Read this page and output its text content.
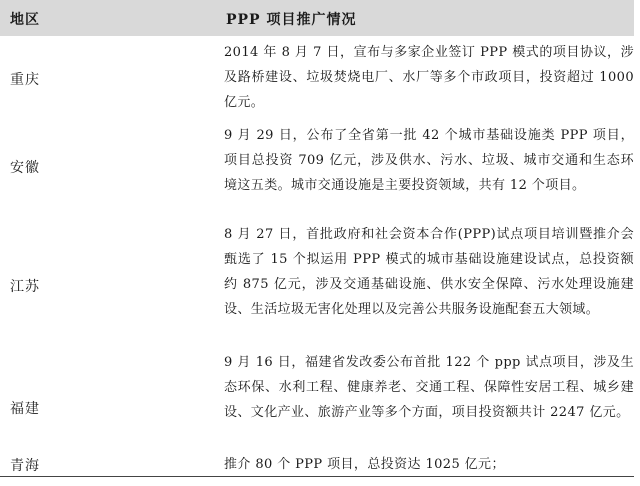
地区	PPP 项目推广情况
重庆
2014 年 8 月 7 日，宣布与多家企业签订 PPP 模式的项目协议，涉及路桥建设、垃圾焚烧电厂、水厂等多个市政项目，投资超过 1000 亿元。
安徽
9 月 29 日，公布了全省第一批 42 个城市基础设施类 PPP 项目，项目总投资 709 亿元，涉及供水、污水、垃圾、城市交通和生态环境这五类。城市交通设施是主要投资领域，共有 12 个项目。
江苏
8 月 27 日，首批政府和社会资本合作(PPP)试点项目培训暨推介会甄选了 15 个拟运用 PPP 模式的城市基础设施建设试点，总投资额约 875 亿元，涉及交通基础设施、供水安全保障、污水处理设施建设、生活垃圾无害化处理以及完善公共服务设施配套五大领域。
福建
9 月 16 日，福建省发改委公布首批 122 个 ppp 试点项目，涉及生态环保、水利工程、健康养老、交通工程、保障性安居工程、城乡建设、文化产业、旅游产业等多个方面，项目投资额共计 2247 亿元。
青海	推介 80 个 PPP 项目，总投资达 1025 亿元；
